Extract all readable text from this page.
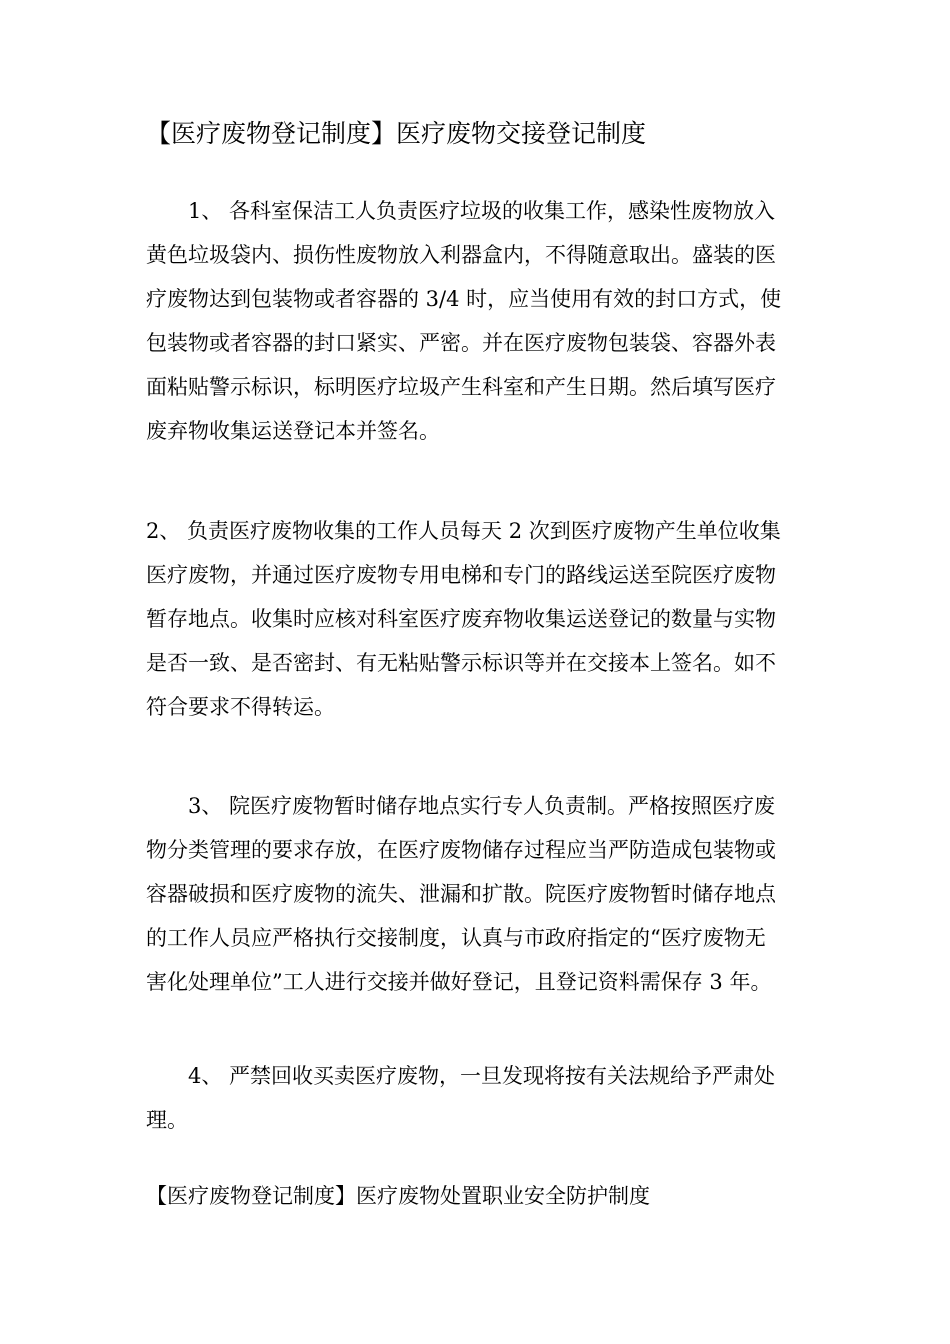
【医疗废物登记制度】医疗废物交接登记制度
1、 各科室保洁工人负责医疗垃圾的收集工作，感染性废物放入
黄色垃圾袋内、损伤性废物放入利器盒内，不得随意取出。盛装的医
疗废物达到包装物或者容器的 3/4 时，应当使用有效的封口方式，使
包装物或者容器的封口紧实、严密。并在医疗废物包装袋、容器外表
面粘贴警示标识，标明医疗垃圾产生科室和产生日期。然后填写医疗
废弃物收集运送登记本并签名。
2、 负责医疗废物收集的工作人员每天 2 次到医疗废物产生单位收集
医疗废物，并通过医疗废物专用电梯和专门的路线运送至院医疗废物
暂存地点。收集时应核对科室医疗废弃物收集运送登记的数量与实物
是否一致、是否密封、有无粘贴警示标识等并在交接本上签名。如不
符合要求不得转运。
3、 院医疗废物暂时储存地点实行专人负责制。严格按照医疗废
物分类管理的要求存放，在医疗废物储存过程应当严防造成包装物或
容器破损和医疗废物的流失、泄漏和扩散。院医疗废物暂时储存地点
的工作人员应严格执行交接制度，认真与市政府指定的“医疗废物无
害化处理单位”工人进行交接并做好登记，且登记资料需保存 3 年。
4、 严禁回收买卖医疗废物，一旦发现将按有关法规给予严肃处
理。
【医疗废物登记制度】医疗废物处置职业安全防护制度
